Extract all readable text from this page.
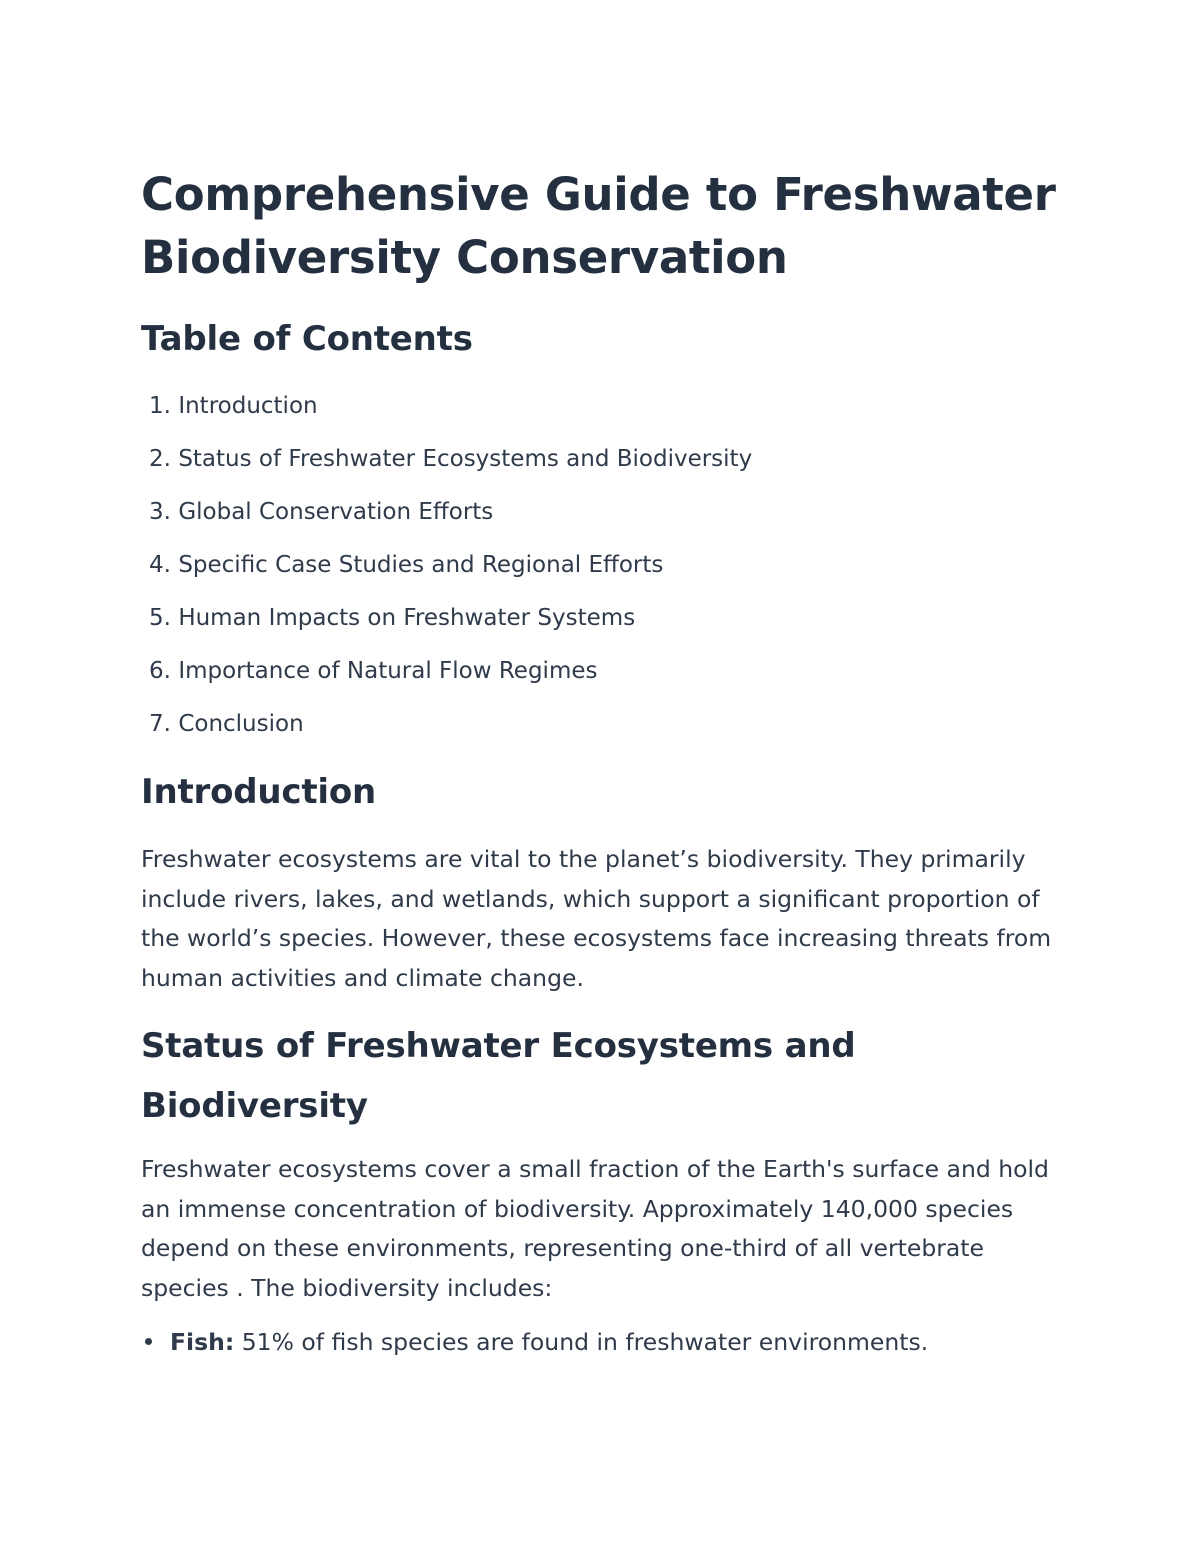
Comprehensive Guide to Freshwater Biodiversity Conservation
Table of Contents
1. Introduction
2. Status of Freshwater Ecosystems and Biodiversity
3. Global Conservation Efforts
4. Specific Case Studies and Regional Efforts
5. Human Impacts on Freshwater Systems
6. Importance of Natural Flow Regimes
7. Conclusion
Introduction

Freshwater ecosystems are vital to the planet’s biodiversity. They primarily include rivers, lakes, and wetlands, which support a significant proportion of the world’s species. However, these ecosystems face increasing threats from human activities and climate change.

Status of Freshwater Ecosystems and Biodiversity

Freshwater ecosystems cover a small fraction of the Earth's surface and hold an immense concentration of biodiversity. Approximately 140,000 species depend on these environments, representing one-third of all vertebrate species . The biodiversity includes:

Fish: 51% of fish species are found in freshwater environments.
